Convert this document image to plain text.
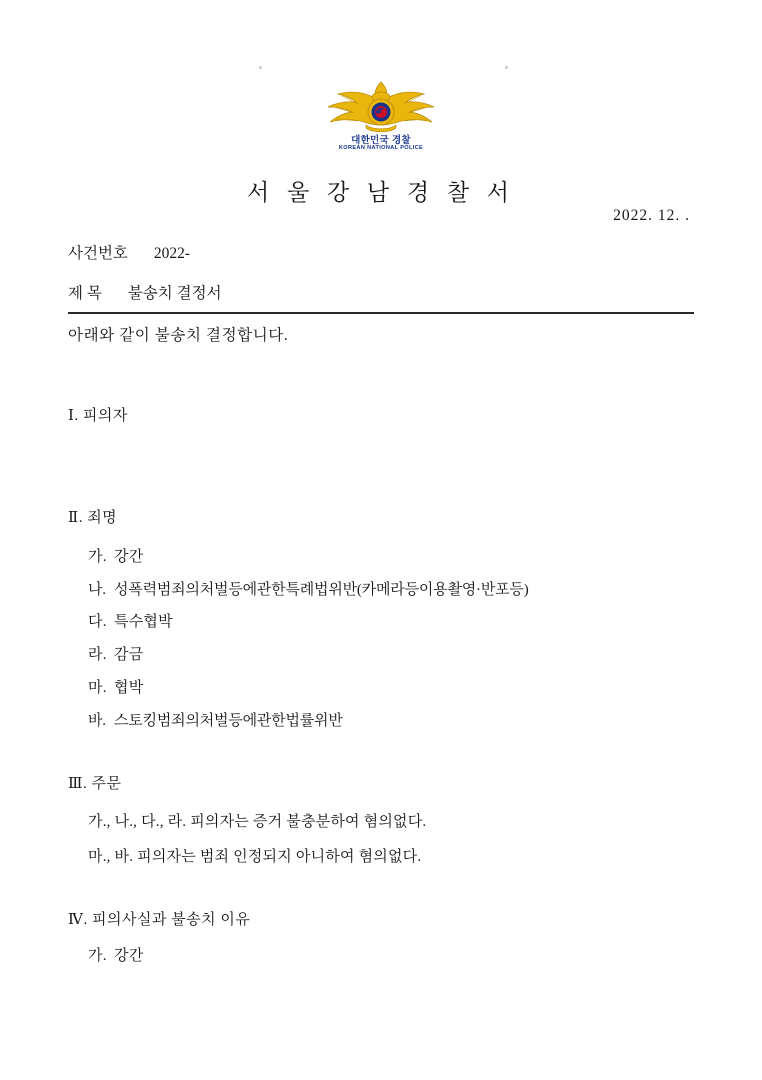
대한민국 경찰
KOREAN NATIONAL POLICE
서 울 강 남 경 찰 서
2022. 12. .
사건번호 2022-
제 목 불송치 결정서
아래와 같이 불송치 결정합니다.
Ⅰ. 피의자
Ⅱ. 죄명
가. 강간
나. 성폭력범죄의처벌등에관한특례법위반(카메라등이용촬영·반포등)
다. 특수협박
라. 감금
마. 협박
바. 스토킹범죄의처벌등에관한법률위반
Ⅲ. 주문
가., 나., 다., 라. 피의자는 증거 불충분하여 혐의없다.
마., 바. 피의자는 범죄 인정되지 아니하여 혐의없다.
Ⅳ. 피의사실과 불송치 이유
가. 강간
